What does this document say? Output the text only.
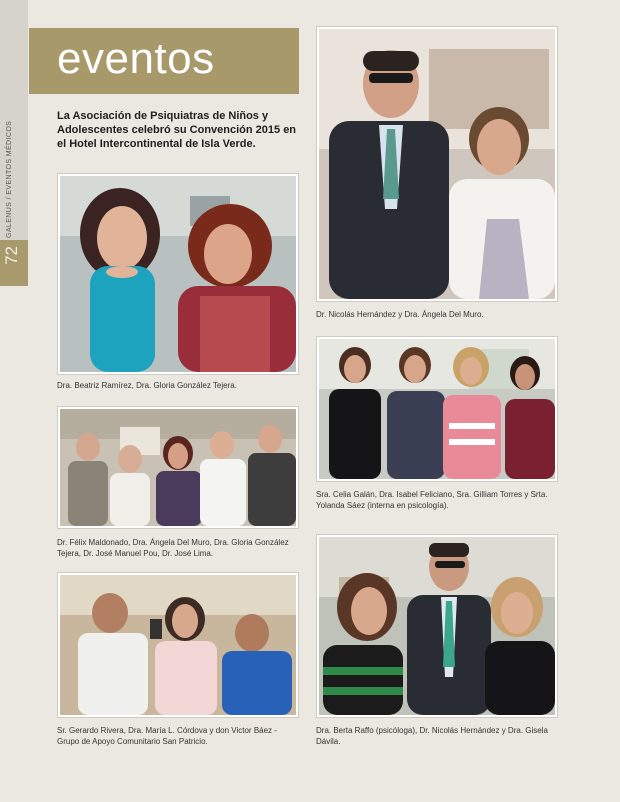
GALENUS / EVENTOS MÉDICOS
72
eventos
La Asociación de Psiquiatras de Niños y Adolescentes celebró su Convención 2015 en el Hotel Intercontinental de Isla Verde.
Dra. Beatriz Ramírez, Dra. Gloria González Tejera.
Dr. Félix Maldonado, Dra. Ángela Del Muro, Dra. Gloria González Tejera, Dr. José Manuel Pou, Dr. José Lima.
Sr. Gerardo Rivera, Dra. María L. Córdova y don Victor Báez - Grupo de Apoyo Comunitario San Patricio.
Dr. Nicolás Hernández y Dra. Ángela Del Muro.
Sra. Celia Galán, Dra. Isabel Feliciano, Sra. Gilliam Torres y Srta. Yolanda Sáez (interna en psicología).
Dra. Berta Raffo (psicóloga), Dr. Nicolás Hernández y Dra. Gisela Dávila.
